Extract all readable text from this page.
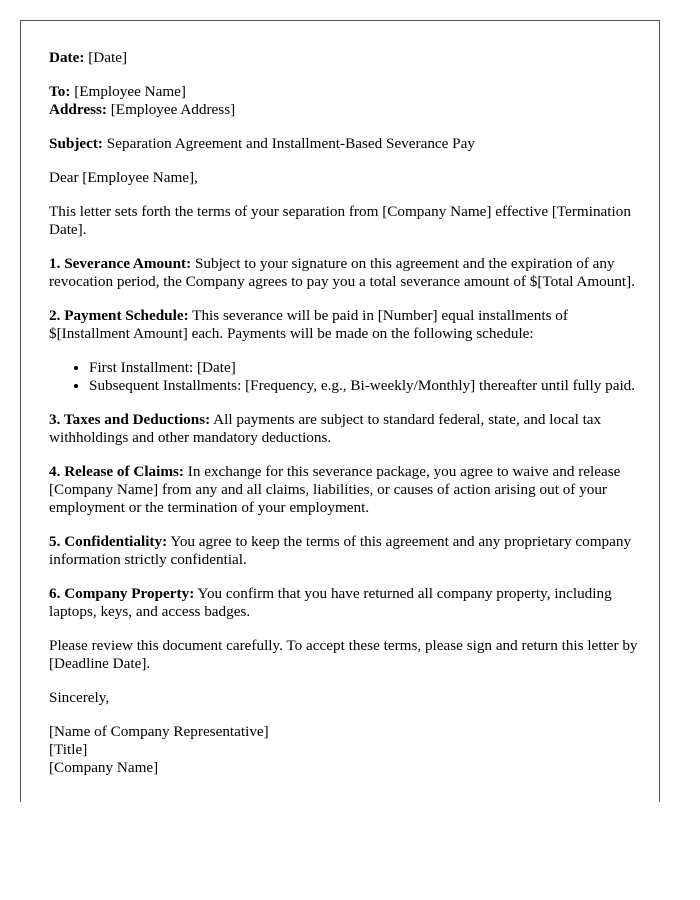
Date: [Date]

To: [Employee Name]

Address: [Employee Address]

Subject: Separation Agreement and Installment-Based Severance Pay

Dear [Employee Name],

This letter sets forth the terms of your separation from [Company Name] effective [Termination Date].

1. Severance Amount: Subject to your signature on this agreement and the expiration of any revocation period, the Company agrees to pay you a total severance amount of $[Total Amount].

2. Payment Schedule: This severance will be paid in [Number] equal installments of $[Installment Amount] each. Payments will be made on the following schedule:

• First Installment: [Date]
• Subsequent Installments: [Frequency, e.g., Bi-weekly/Monthly] thereafter until fully paid.

3. Taxes and Deductions: All payments are subject to standard federal, state, and local tax withholdings and other mandatory deductions.

4. Release of Claims: In exchange for this severance package, you agree to waive and release [Company Name] from any and all claims, liabilities, or causes of action arising out of your employment or the termination of your employment.

5. Confidentiality: You agree to keep the terms of this agreement and any proprietary company information strictly confidential.

6. Company Property: You confirm that you have returned all company property, including laptops, keys, and access badges.

Please review this document carefully. To accept these terms, please sign and return this letter by [Deadline Date].

Sincerely,

[Name of Company Representative]

[Title]

[Company Name]
